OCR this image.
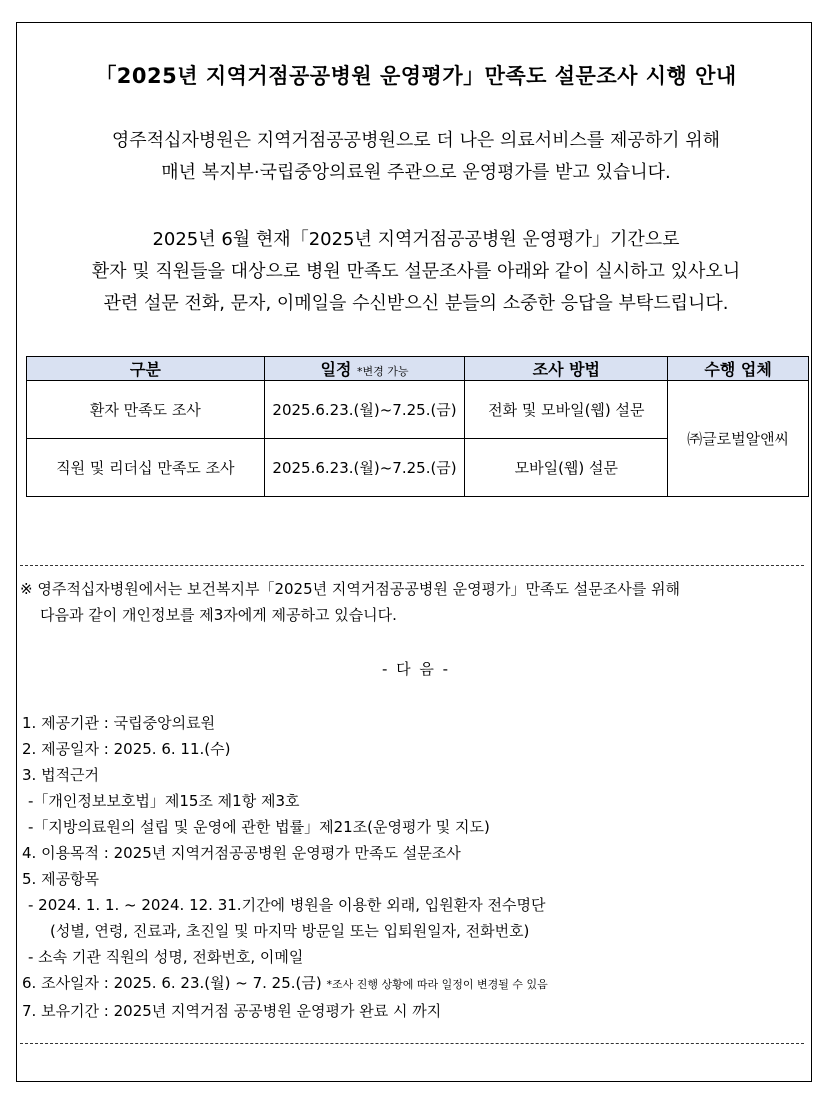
「2025년 지역거점공공병원 운영평가」만족도 설문조사 시행 안내
영주적십자병원은 지역거점공공병원으로 더 나은 의료서비스를 제공하기 위해
매년 복지부·국립중앙의료원 주관으로 운영평가를 받고 있습니다.
2025년 6월 현재「2025년 지역거점공공병원 운영평가」기간으로
환자 및 직원들을 대상으로 병원 만족도 설문조사를 아래와 같이 실시하고 있사오니
관련 설문 전화, 문자, 이메일을 수신받으신 분들의 소중한 응답을 부탁드립니다.
구분	일정 *변경 가능	조사 방법	수행 업체
환자 만족도 조사	2025.6.23.(월)~7.25.(금)	전화 및 모바일(웹) 설문	㈜글로벌알앤씨
직원 및 리더십 만족도 조사	2025.6.23.(월)~7.25.(금)	모바일(웹) 설문	
※ 영주적십자병원에서는 보건복지부「2025년 지역거점공공병원 운영평가」만족도 설문조사를 위해
다음과 같이 개인정보를 제3자에게 제공하고 있습니다.
- 다 음 -
1. 제공기관 : 국립중앙의료원
2. 제공일자 : 2025. 6. 11.(수)
3. 법적근거
-「개인정보보호법」제15조 제1항 제3호
-「지방의료원의 설립 및 운영에 관한 법률」제21조(운영평가 및 지도)
4. 이용목적 : 2025년 지역거점공공병원 운영평가 만족도 설문조사
5. 제공항목
- 2024. 1. 1. ~ 2024. 12. 31.기간에 병원을 이용한 외래, 입원환자 전수명단
(성별, 연령, 진료과, 초진일 및 마지막 방문일 또는 입퇴원일자, 전화번호)
- 소속 기관 직원의 성명, 전화번호, 이메일
6. 조사일자 : 2025. 6. 23.(월) ~ 7. 25.(금) *조사 진행 상황에 따라 일정이 변경될 수 있음
7. 보유기간 : 2025년 지역거점 공공병원 운영평가 완료 시 까지
